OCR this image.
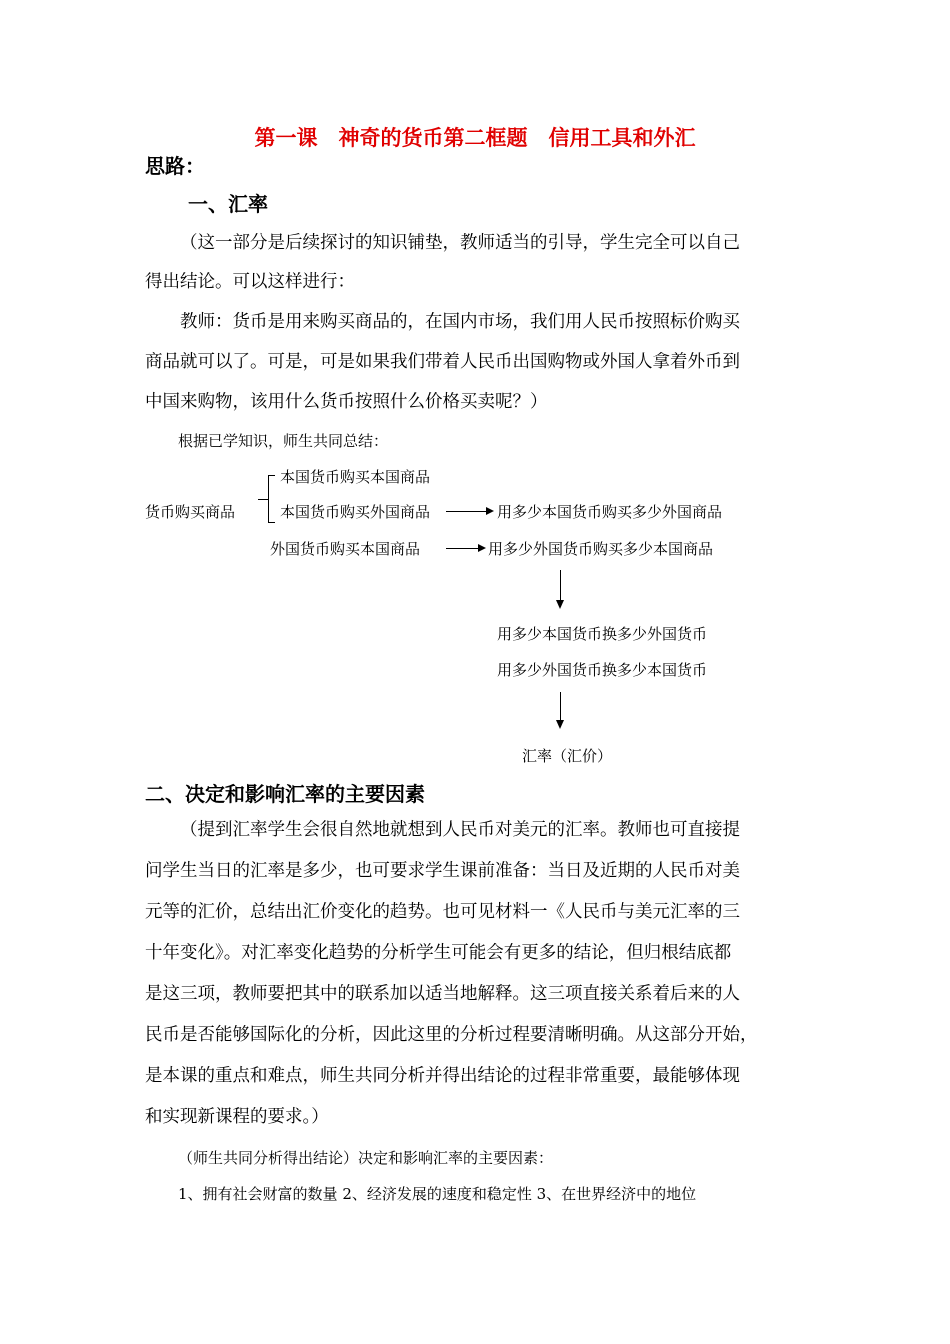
第一课　神奇的货币第二框题　信用工具和外汇
思路：
一、汇率
（这一部分是后续探讨的知识铺垫，教师适当的引导，学生完全可以自己
得出结论。可以这样进行：
教师：货币是用来购买商品的，在国内市场，我们用人民币按照标价购买
商品就可以了。可是，可是如果我们带着人民币出国购物或外国人拿着外币到
中国来购物，该用什么货币按照什么价格买卖呢？）
根据已学知识，师生共同总结：
货币购买商品
本国货币购买本国商品
本国货币购买外国商品	用多少本国货币购买多少外国商品
外国货币购买本国商品	用多少外国货币购买多少本国商品
用多少本国货币换多少外国货币
用多少外国货币换多少本国货币
汇率（汇价）
二、决定和影响汇率的主要因素
（提到汇率学生会很自然地就想到人民币对美元的汇率。教师也可直接提
问学生当日的汇率是多少，也可要求学生课前准备：当日及近期的人民币对美
元等的汇价，总结出汇价变化的趋势。也可见材料一《人民币与美元汇率的三
十年变化》。对汇率变化趋势的分析学生可能会有更多的结论，但归根结底都
是这三项，教师要把其中的联系加以适当地解释。这三项直接关系着后来的人
民币是否能够国际化的分析，因此这里的分析过程要清晰明确。从这部分开始，
是本课的重点和难点，师生共同分析并得出结论的过程非常重要，最能够体现
和实现新课程的要求。）
（师生共同分析得出结论）决定和影响汇率的主要因素：
1、拥有社会财富的数量 2、经济发展的速度和稳定性 3、在世界经济中的地位
